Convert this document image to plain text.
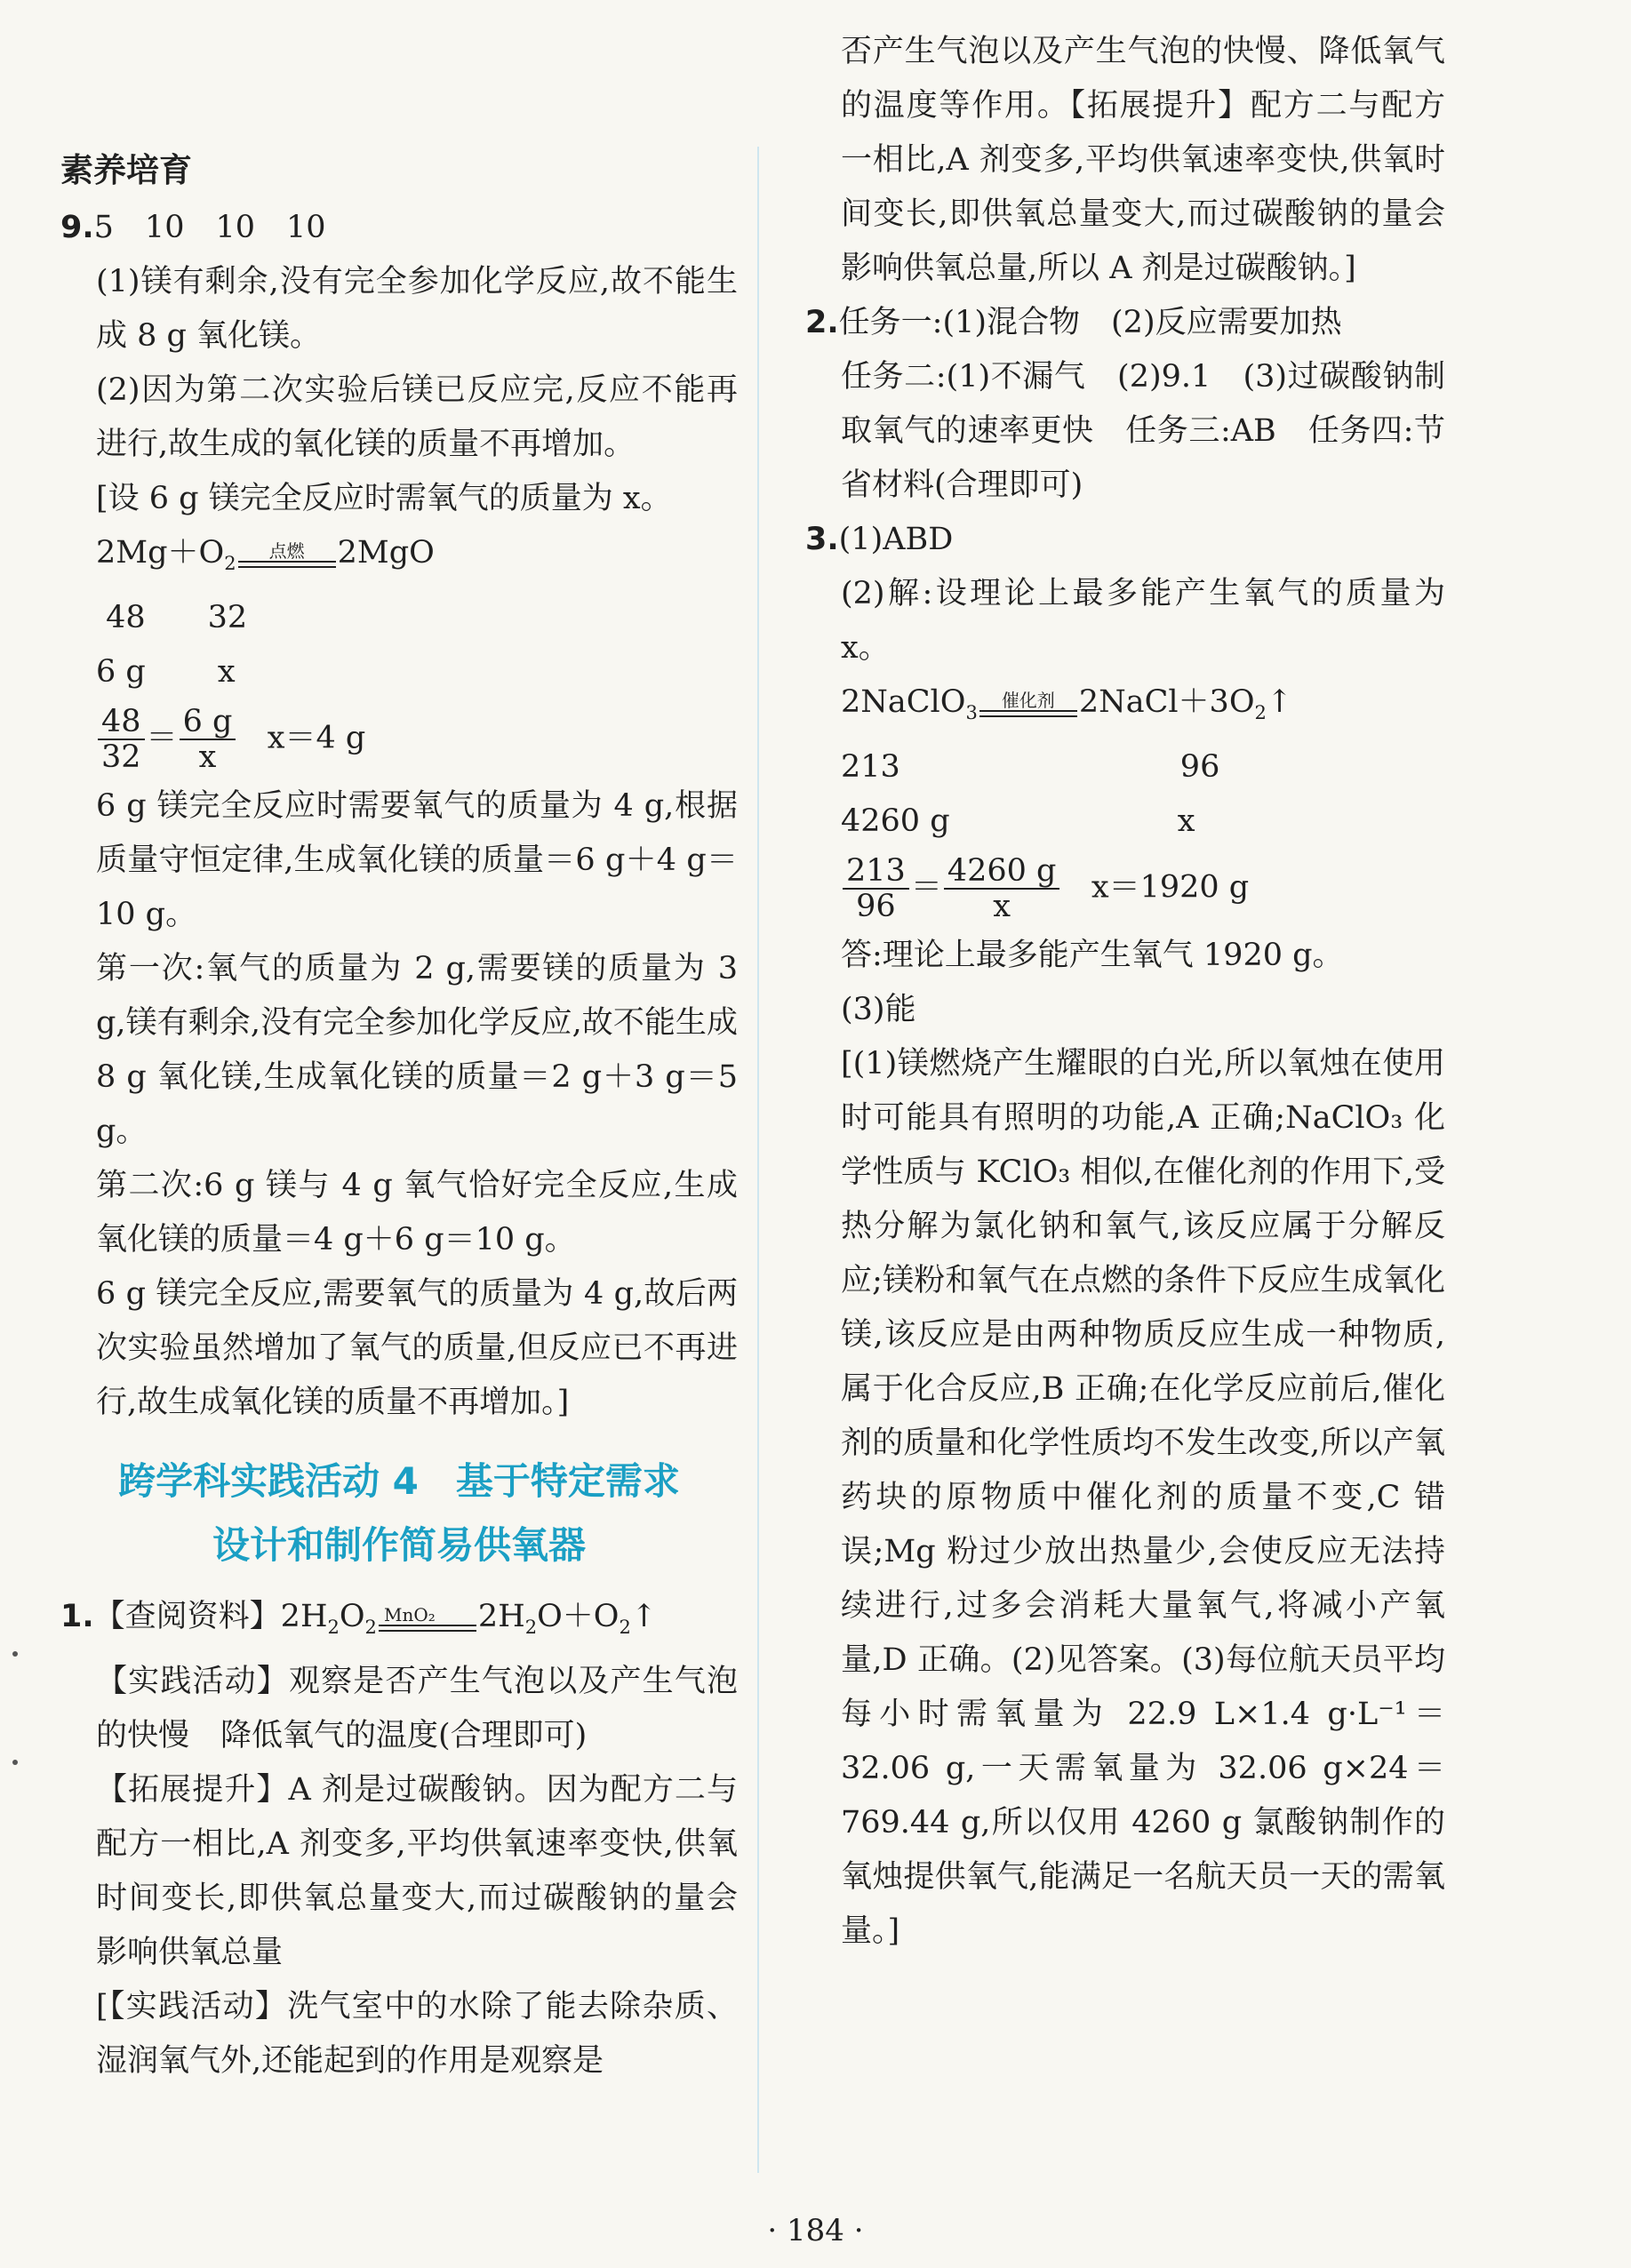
素养培育

9.5　10　10　10

(1)镁有剩余,没有完全参加化学反应,故不能生成 8 g 氧化镁。

(2)因为第二次实验后镁已反应完,反应不能再进行,故生成的氧化镁的质量不再增加。

[设 6 g 镁完全反应时需氧气的质量为 x。

$2Mg+O_2$
点燃 2MgO

48　　32

6 g　　 x

$\frac{48}{32} = \frac{6 g}{x} x=4$ g

6 g 镁完全反应时需要氧气的质量为 4 g,根据质量守恒定律,生成氧化镁的质量＝6 g＋4 g＝10 g。

第一次:氧气的质量为 2 g,需要镁的质量为 3 g,镁有剩余,没有完全参加化学反应,故不能生成 8 g 氧化镁,生成氧化镁的质量＝2 g＋3 g＝5 g。

第二次:6 g 镁与 4 g 氧气恰好完全反应,生成氧化镁的质量＝4 g＋6 g＝10 g。

6 g 镁完全反应,需要氧气的质量为 4 g,故后两次实验虽然增加了氧气的质量,但反应已不再进行,故生成氧化镁的质量不再增加。]

跨学科实践活动 4　基于特定需求
设计和制作简易供氧器

1.【查阅资料】$2H_2O_2$
MnO₂ $2H_2O+O_2↑$

【实践活动】观察是否产生气泡以及产生气泡的快慢　降低氧气的温度(合理即可)

【拓展提升】A 剂是过碳酸钠。因为配方二与配方一相比,A 剂变多,平均供氧速率变快,供氧时间变长,即供氧总量变大,而过碳酸钠的量会影响供氧总量

[【实践活动】洗气室中的水除了能去除杂质、湿润氧气外,还能起到的作用是观察是

否产生气泡以及产生气泡的快慢、降低氧气的温度等作用。【拓展提升】配方二与配方一相比,A 剂变多,平均供氧速率变快,供氧时间变长,即供氧总量变大,而过碳酸钠的量会影响供氧总量,所以 A 剂是过碳酸钠。]

2.任务一:(1)混合物　(2)反应需要加热

任务二:(1)不漏气　(2)9.1　(3)过碳酸钠制取氧气的速率更快　任务三:AB　任务四:节省材料(合理即可)

3.(1)ABD

(2)解:设理论上最多能产生氧气的质量为 x。

2NaClO$_3$
催化剂 $2NaCl+3O_2↑$

213　　　　　　　　　96

4260 g　　　　　　　 x

$\frac{213}{96} = \frac{4260 g}{x} x=1920$ g

答:理论上最多能产生氧气 1920 g。

(3)能

[(1)镁燃烧产生耀眼的白光,所以氧烛在使用时可能具有照明的功能,A 正确;NaClO₃ 化学性质与 KClO₃ 相似,在催化剂的作用下,受热分解为氯化钠和氧气,该反应属于分解反应;镁粉和氧气在点燃的条件下反应生成氧化镁,该反应是由两种物质反应生成一种物质,属于化合反应,B 正确;在化学反应前后,催化剂的质量和化学性质均不发生改变,所以产氧药块的原物质中催化剂的质量不变,C 错误;Mg 粉过少放出热量少,会使反应无法持续进行,过多会消耗大量氧气,将减小产氧量,D 正确。(2)见答案。(3)每位航天员平均每小时需氧量为 22.9 L×1.4 g·L⁻¹＝32.06 g,一天需氧量为 32.06 g×24＝769.44 g,所以仅用 4260 g 氯酸钠制作的氧烛提供氧气,能满足一名航天员一天的需氧量。]

· 184 ·
